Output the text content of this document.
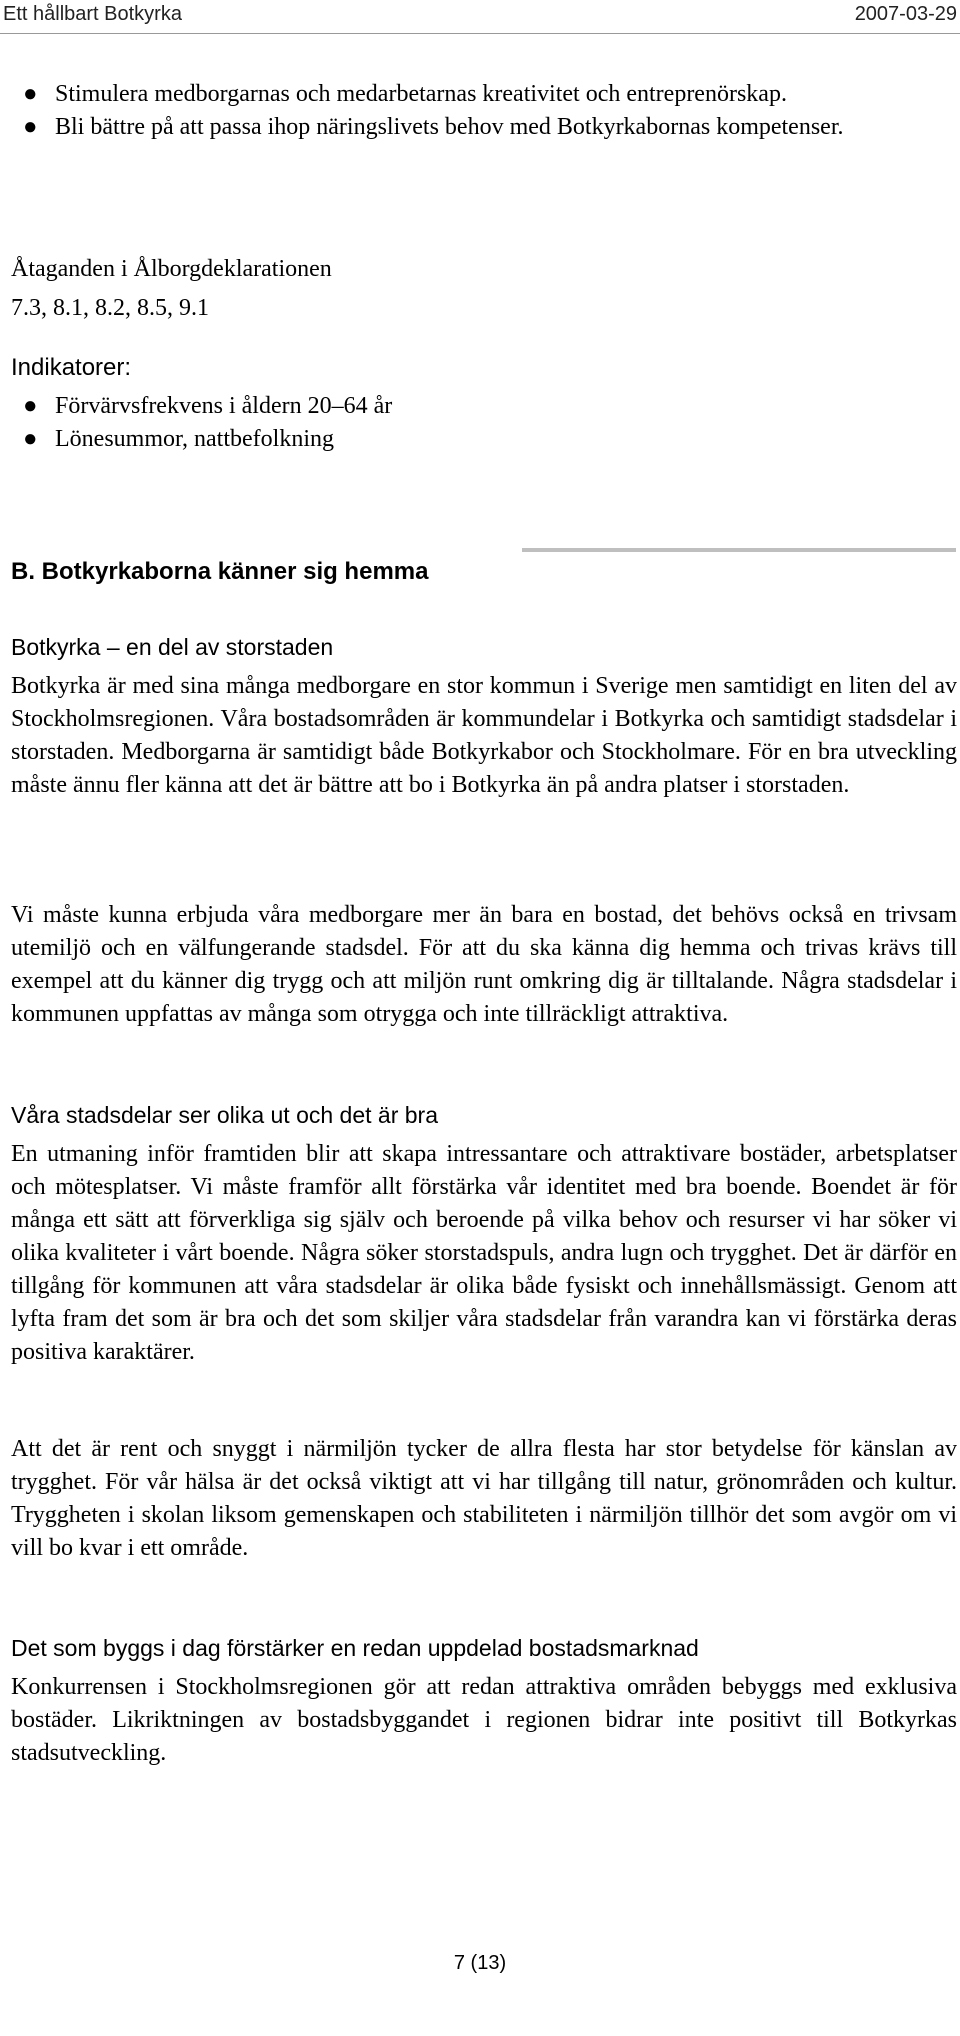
Ett hållbart Botkyrka	2007-03-29
● Stimulera medborgarnas och medarbetarnas kreativitet och entreprenörskap.
● Bli bättre på att passa ihop näringslivets behov med Botkyrkabornas kompetenser.
Åtaganden i Ålborgdeklarationen
7.3, 8.1, 8.2, 8.5, 9.1
Indikatorer:
● Förvärvsfrekvens i åldern 20–64 år
● Lönesummor, nattbefolkning
B. Botkyrkaborna känner sig hemma
Botkyrka – en del av storstaden
Botkyrka är med sina många medborgare en stor kommun i Sverige men samtidigt en liten del av Stockholmsregionen. Våra bostadsområden är kommundelar i Botkyrka och samtidigt stadsdelar i storstaden. Medborgarna är samtidigt både Botkyrkabor och Stockholmare. För en bra utveckling måste ännu fler känna att det är bättre att bo i Botkyrka än på andra platser i storstaden.
Vi måste kunna erbjuda våra medborgare mer än bara en bostad, det behövs också en trivsam utemiljö och en välfungerande stadsdel. För att du ska känna dig hemma och trivas krävs till exempel att du känner dig trygg och att miljön runt omkring dig är tilltalande. Några stadsdelar i kommunen uppfattas av många som otrygga och inte tillräckligt attraktiva.
Våra stadsdelar ser olika ut och det är bra
En utmaning inför framtiden blir att skapa intressantare och attraktivare bostäder, arbetsplatser och mötesplatser. Vi måste framför allt förstärka vår identitet med bra boende. Boendet är för många ett sätt att förverkliga sig själv och beroende på vilka behov och resurser vi har söker vi olika kvaliteter i vårt boende. Några söker storstadspuls, andra lugn och trygghet. Det är därför en tillgång för kommunen att våra stadsdelar är olika både fysiskt och innehållsmässigt. Genom att lyfta fram det som är bra och det som skiljer våra stadsdelar från varandra kan vi förstärka deras positiva karaktärer.
Att det är rent och snyggt i närmiljön tycker de allra flesta har stor betydelse för känslan av trygghet. För vår hälsa är det också viktigt att vi har tillgång till natur, grönområden och kultur. Tryggheten i skolan liksom gemenskapen och stabiliteten i närmiljön tillhör det som avgör om vi vill bo kvar i ett område.
Det som byggs i dag förstärker en redan uppdelad bostadsmarknad
Konkurrensen i Stockholmsregionen gör att redan attraktiva områden bebyggs med exklusiva bostäder. Likriktningen av bostadsbyggandet i regionen bidrar inte positivt till Botkyrkas stadsutveckling.
7 (13)
